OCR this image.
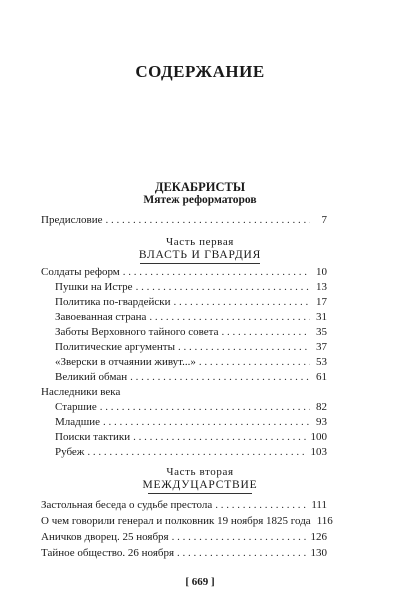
СОДЕРЖАНИЕ
ДЕКАБРИСТЫ
Мятеж реформаторов
Предисловие . . .	7
Часть первая
ВЛАСТЬ И ГВАРДИЯ
Солдаты реформ . . .	10
Пушки на Истре . . .	13
Политика по-гвардейски . . .	17
Завоеванная страна . . .	31
Заботы Верховного тайного совета . . .	35
Политические аргументы . . .	37
«Зверски в отчаянии живут...» . . .	53
Великий обман . . .	61
Наследники века
Старшие . . .	82
Младшие . . .	93
Поиски тактики . . .	100
Рубеж . . .	103
Часть вторая
МЕЖДУЦАРСТВИЕ
Застольная беседа о судьбе престола . . .	111
О чем говорили генерал и полковник 19 ноября 1825 года 116
Аничков дворец. 25 ноября . . .	126
Тайное общество. 26 ноября . . .	130
[ 669 ]
